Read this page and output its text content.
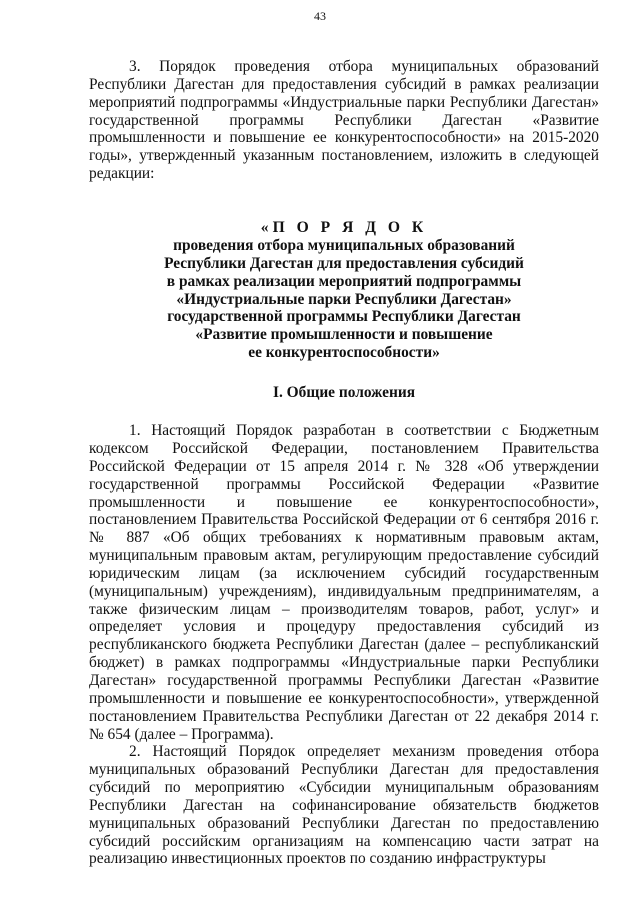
43

3. Порядок проведения отбора муниципальных образований Республики Дагестан для предоставления субсидий в рамках реализации мероприятий подпрограммы «Индустриальные парки Республики Дагестан» государственной программы Республики Дагестан «Развитие промышленности и повышение ее конкурентоспособности» на 2015-2020 годы», утвержденный указанным постановлением, изложить в следующей редакции:

«П О Р Я Д О К
проведения отбора муниципальных образований
Республики Дагестан для предоставления субсидий
в рамках реализации мероприятий подпрограммы
«Индустриальные парки Республики Дагестан»
государственной программы Республики Дагестан
«Развитие промышленности и повышение
ее конкурентоспособности»
I. Общие положения

1. Настоящий Порядок разработан в соответствии с Бюджетным кодексом Российской Федерации, постановлением Правительства Российской Федерации от 15 апреля 2014 г. № 328 «Об утверждении государственной программы Российской Федерации «Развитие промышленности и повышение ее конкурентоспособности», постановлением Правительства Российской Федерации от 6 сентября 2016 г. № 887 «Об общих требованиях к нормативным правовым актам, муниципальным правовым актам, регулирующим предоставление субсидий юридическим лицам (за исключением субсидий государственным (муниципальным) учреждениям), индивидуальным предпринимателям, а также физическим лицам – производителям товаров, работ, услуг» и определяет условия и процедуру предоставления субсидий из республиканского бюджета Республики Дагестан (далее – республиканский бюджет) в рамках подпрограммы «Индустриальные парки Республики Дагестан» государственной программы Республики Дагестан «Развитие промышленности и повышение ее конкурентоспособности», утвержденной постановлением Правительства Республики Дагестан от 22 декабря 2014 г. № 654 (далее – Программа).

2. Настоящий Порядок определяет механизм проведения отбора муниципальных образований Республики Дагестан для предоставления субсидий по мероприятию «Субсидии муниципальным образованиям Республики Дагестан на софинансирование обязательств бюджетов муниципальных образований Республики Дагестан по предоставлению субсидий российским организациям на компенсацию части затрат на реализацию инвестиционных проектов по созданию инфраструктуры
